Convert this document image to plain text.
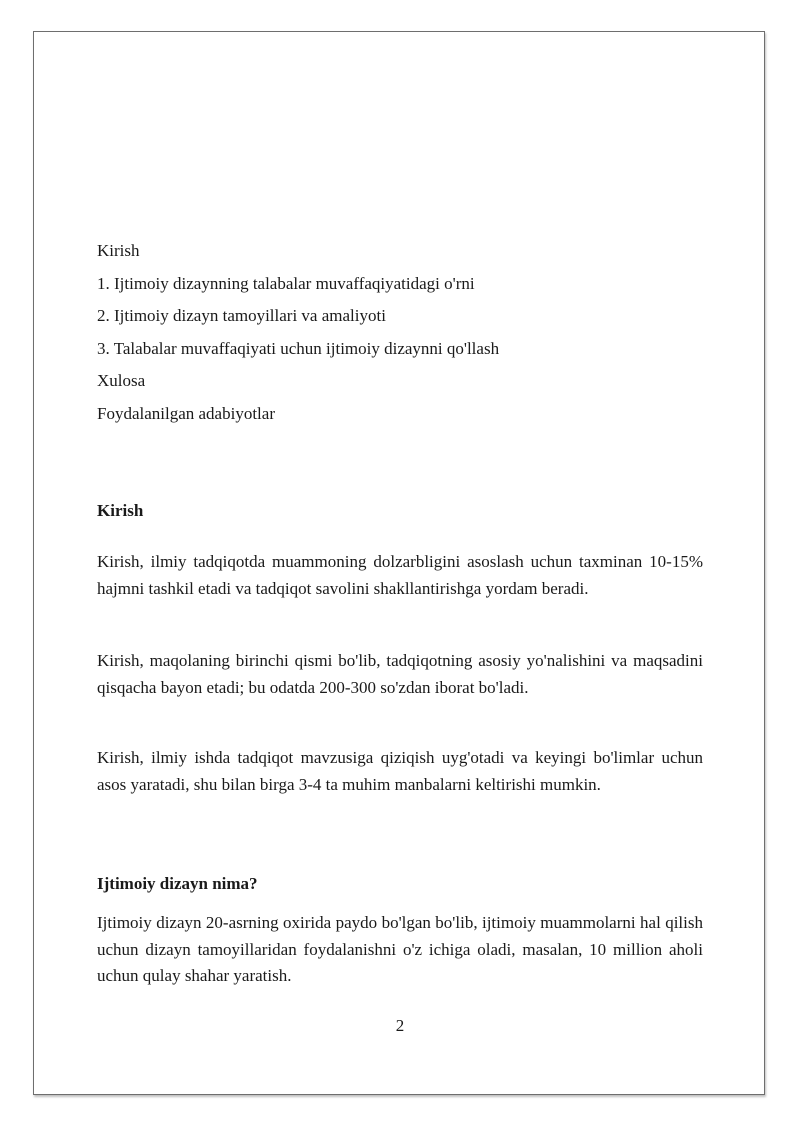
Kirish
1. Ijtimoiy dizaynning talabalar muvaffaqiyatidagi o'rni
2. Ijtimoiy dizayn tamoyillari va amaliyoti
3. Talabalar muvaffaqiyati uchun ijtimoiy dizaynni qo'llash
Xulosa
Foydalanilgan adabiyotlar
Kirish
Kirish, ilmiy tadqiqotda muammoning dolzarbligini asoslash uchun taxminan 10-15% hajmni tashkil etadi va tadqiqot savolini shakllantirishga yordam beradi.
Kirish, maqolaning birinchi qismi bo'lib, tadqiqotning asosiy yo'nalishini va maqsadini qisqacha bayon etadi; bu odatda 200-300 so'zdan iborat bo'ladi.
Kirish, ilmiy ishda tadqiqot mavzusiga qiziqish uyg'otadi va keyingi bo'limlar uchun asos yaratadi, shu bilan birga 3-4 ta muhim manbalarni keltirishi mumkin.
Ijtimoiy dizayn nima?
Ijtimoiy dizayn 20-asrning oxirida paydo bo'lgan bo'lib, ijtimoiy muammolarni hal qilish uchun dizayn tamoyillaridan foydalanishni o'z ichiga oladi, masalan, 10 million aholi uchun qulay shahar yaratish.
2
